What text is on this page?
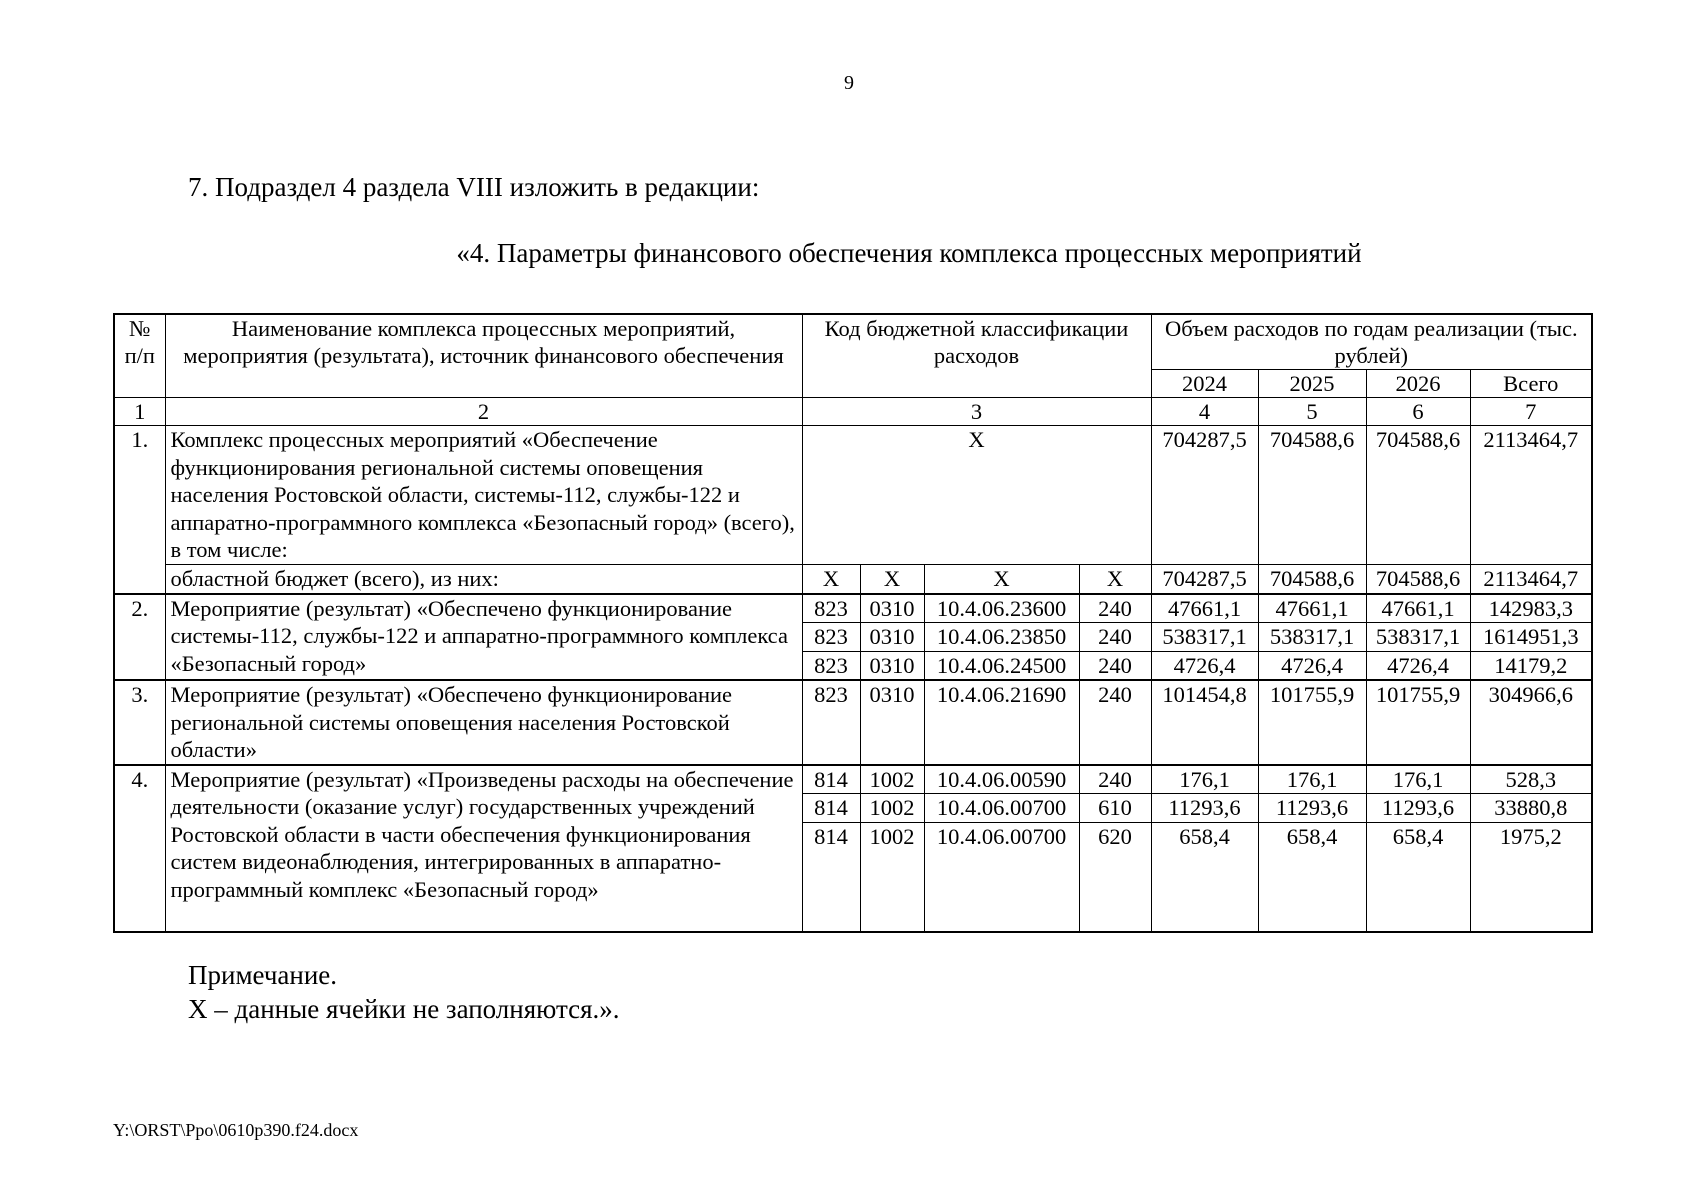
9
7. Подраздел 4 раздела VIII изложить в редакции:
«4. Параметры финансового обеспечения комплекса процессных мероприятий
№ п/п	Наименование комплекса процессных мероприятий, мероприятия (результата), источник финансового обеспечения	Код бюджетной классификации расходов				Объем расходов по годам реализации (тыс. рублей)			
						2024	2025	2026	Всего
1	2	3				4	5	6	7
1.	Комплекс процессных мероприятий «Обеспечение функционирования региональной системы оповещения населения Ростовской области, системы-112, службы-122 и аппаратно-программного комплекса «Безопасный город» (всего), в том числе:	X				704287,5	704588,6	704588,6	2113464,7
	областной бюджет (всего), из них:	X	X	X	X	704287,5	704588,6	704588,6	2113464,7
2.	Мероприятие (результат) «Обеспечено функционирование системы-112, службы-122 и аппаратно-программного комплекса «Безопасный город»	823	0310	10.4.06.23600	240	47661,1	47661,1	47661,1	142983,3
		823	0310	10.4.06.23850	240	538317,1	538317,1	538317,1	1614951,3
		823	0310	10.4.06.24500	240	4726,4	4726,4	4726,4	14179,2
3.	Мероприятие (результат) «Обеспечено функционирование региональной системы оповещения населения Ростовской области»	823	0310	10.4.06.21690	240	101454,8	101755,9	101755,9	304966,6
4.	Мероприятие (результат) «Произведены расходы на обеспечение деятельности (оказание услуг) государственных учреждений Ростовской области в части обеспечения функционирования систем видеонаблюдения, интегрированных в аппаратно-программный комплекс «Безопасный город»	814	1002	10.4.06.00590	240	176,1	176,1	176,1	528,3
		814	1002	10.4.06.00700	610	11293,6	11293,6	11293,6	33880,8
		814	1002	10.4.06.00700	620	658,4	658,4	658,4	1975,2
Примечание.
X – данные ячейки не заполняются.».
Y:\ORST\Ppo\0610p390.f24.docx
